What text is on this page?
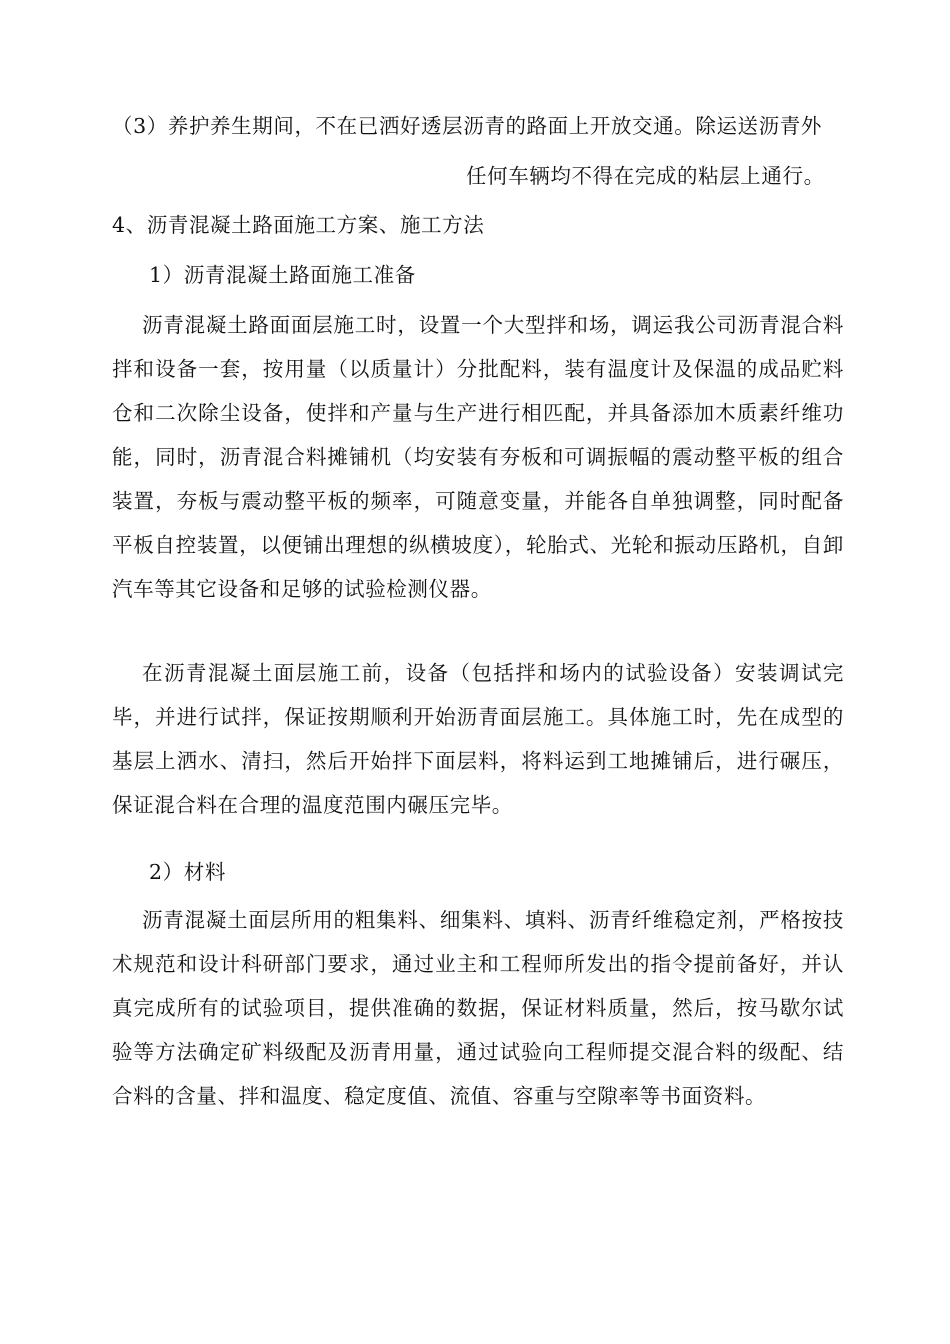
（3）养护养生期间，不在已洒好透层沥青的路面上开放交通。除运送沥青外
任何车辆均不得在完成的粘层上通行。
4、沥青混凝土路面施工方案、施工方法
1）沥青混凝土路面施工准备
沥青混凝土路面面层施工时，设置一个大型拌和场，调运我公司沥青混合料拌和设备一套，按用量（以质量计）分批配料，装有温度计及保温的成品贮料仓和二次除尘设备，使拌和产量与生产进行相匹配，并具备添加木质素纤维功能，同时，沥青混合料摊铺机（均安装有夯板和可调振幅的震动整平板的组合装置，夯板与震动整平板的频率，可随意变量，并能各自单独调整，同时配备平板自控装置，以便铺出理想的纵横坡度），轮胎式、光轮和振动压路机，自卸汽车等其它设备和足够的试验检测仪器。
在沥青混凝土面层施工前，设备（包括拌和场内的试验设备）安装调试完毕，并进行试拌，保证按期顺利开始沥青面层施工。具体施工时，先在成型的基层上洒水、清扫，然后开始拌下面层料，将料运到工地摊铺后，进行碾压，保证混合料在合理的温度范围内碾压完毕。
2）材料
沥青混凝土面层所用的粗集料、细集料、填料、沥青纤维稳定剂，严格按技术规范和设计科研部门要求，通过业主和工程师所发出的指令提前备好，并认真完成所有的试验项目，提供准确的数据，保证材料质量，然后，按马歇尔试验等方法确定矿料级配及沥青用量，通过试验向工程师提交混合料的级配、结合料的含量、拌和温度、稳定度值、流值、容重与空隙率等书面资料。
